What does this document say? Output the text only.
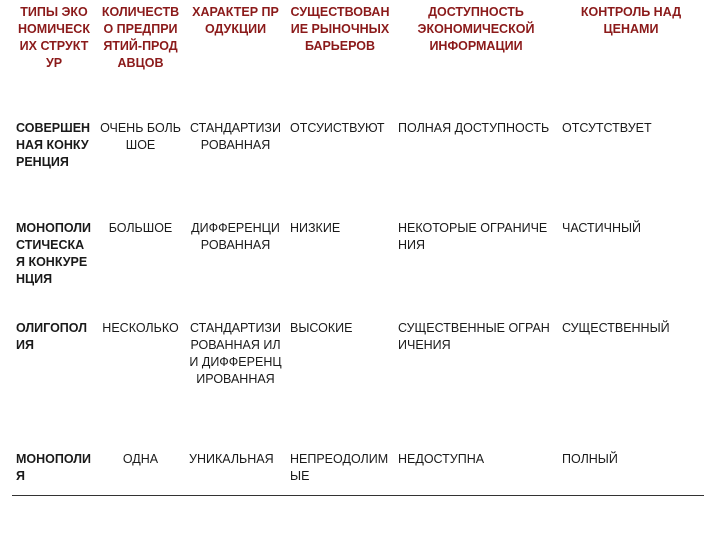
ТИПЫ ЭКОНОМИЧЕСКИХ СТРУКТУР	КОЛИЧЕСТВО ПРЕДПРИЯТИЙ-ПРОДАВЦОВ	ХАРАКТЕР ПРОДУКЦИИ	СУЩЕСТВОВАНИЕ РЫНОЧНЫХ БАРЬЕРОВ	ДОСТУПНОСТЬ ЭКОНОМИЧЕСКОЙ ИНФОРМАЦИИ	КОНТРОЛЬ НАД ЦЕНАМИ
СОВЕРШЕННАЯ КОНКУРЕНЦИЯ	ОЧЕНЬ БОЛЬШОЕ	СТАНДАРТИЗИРОВАННАЯ	ОТСУИСТВУЮТ	ПОЛНАЯ ДОСТУПНОСТЬ	ОТСУТСТВУЕТ
МОНОПОЛИСТИЧЕСКАЯ КОНКУРЕНЦИЯ	БОЛЬШОЕ	ДИФФЕРЕНЦИРОВАННАЯ	НИЗКИЕ	НЕКОТОРЫЕ ОГРАНИЧЕНИЯ	ЧАСТИЧНЫЙ
ОЛИГОПОЛИЯ	НЕСКОЛЬКО	СТАНДАРТИЗИРОВАННАЯ ИЛИ ДИФФЕРЕНЦИРОВАННАЯ	ВЫСОКИЕ	СУЩЕСТВЕННЫЕ ОГРАНИЧЕНИЯ	СУЩЕСТВЕННЫЙ
МОНОПОЛИЯ	ОДНА	УНИКАЛЬНАЯ	НЕПРЕОДОЛИМЫЕ	НЕДОСТУПНА	ПОЛНЫЙ
